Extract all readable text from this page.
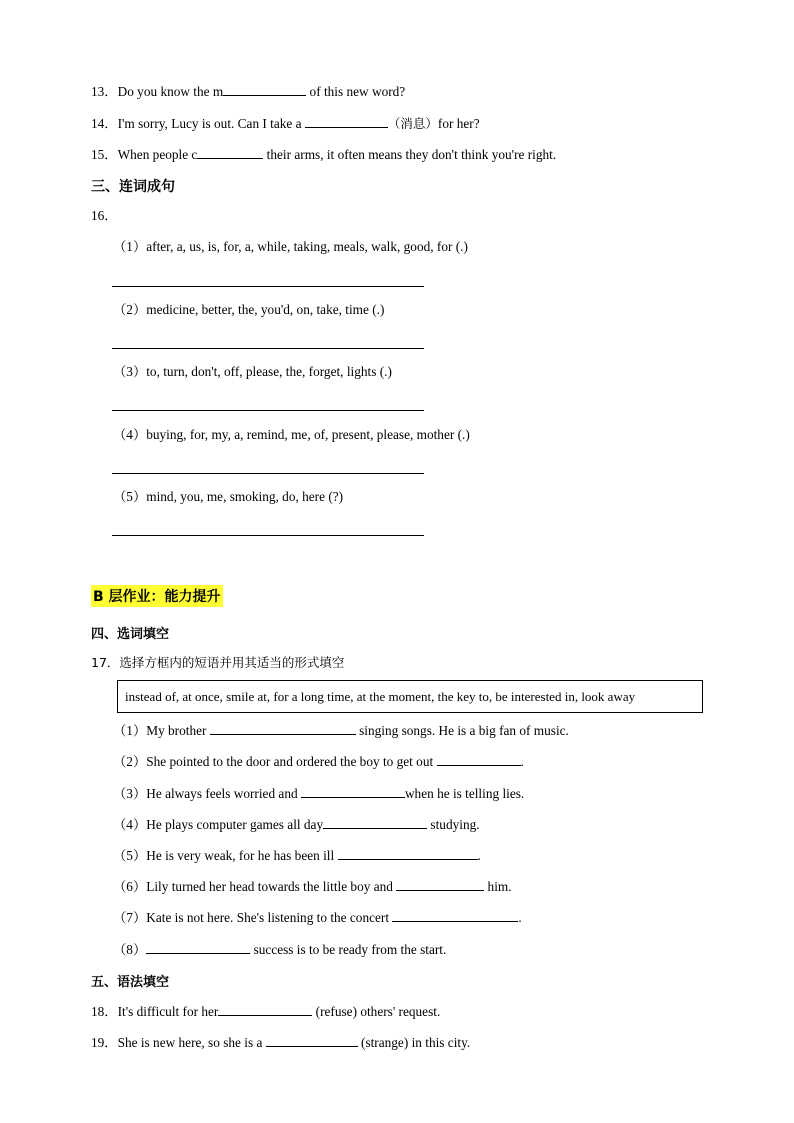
13．Do you know the m	of this new word?
14．I'm sorry, Lucy is out. Can I take a	（消息）for her?
15．When people c	their arms, it often means they don't think you're right.
三、连词成句
16．
（1）after, a, us, is, for, a, while, taking, meals, walk, good, for (.)
（2）medicine, better, the, you'd, on, take, time (.)
（3）to, turn, don't, off, please, the, forget, lights (.)
（4）buying, for, my, a, remind, me, of, present, please, mother (.)
（5）mind, you, me, smoking, do, here (?)
B 层作业：能力提升
四、选词填空
17．选择方框内的短语并用其适当的形式填空
instead of, at once, smile at, for a long time, at the moment, the key to, be interested in, look away
（1）My brother	singing songs. He is a big fan of music.
（2）She pointed to the door and ordered the boy to get out	.
（3）He always feels worried and	when he is telling lies.
（4）He plays computer games all day	studying.
（5）He is very weak, for he has been ill	.
（6）Lily turned her head towards the little boy and	him.
（7）Kate is not here. She's listening to the concert	.
（8）	success is to be ready from the start.
五、语法填空
18．It's difficult for her	(refuse) others' request.
19．She is new here, so she is a	(strange) in this city.
